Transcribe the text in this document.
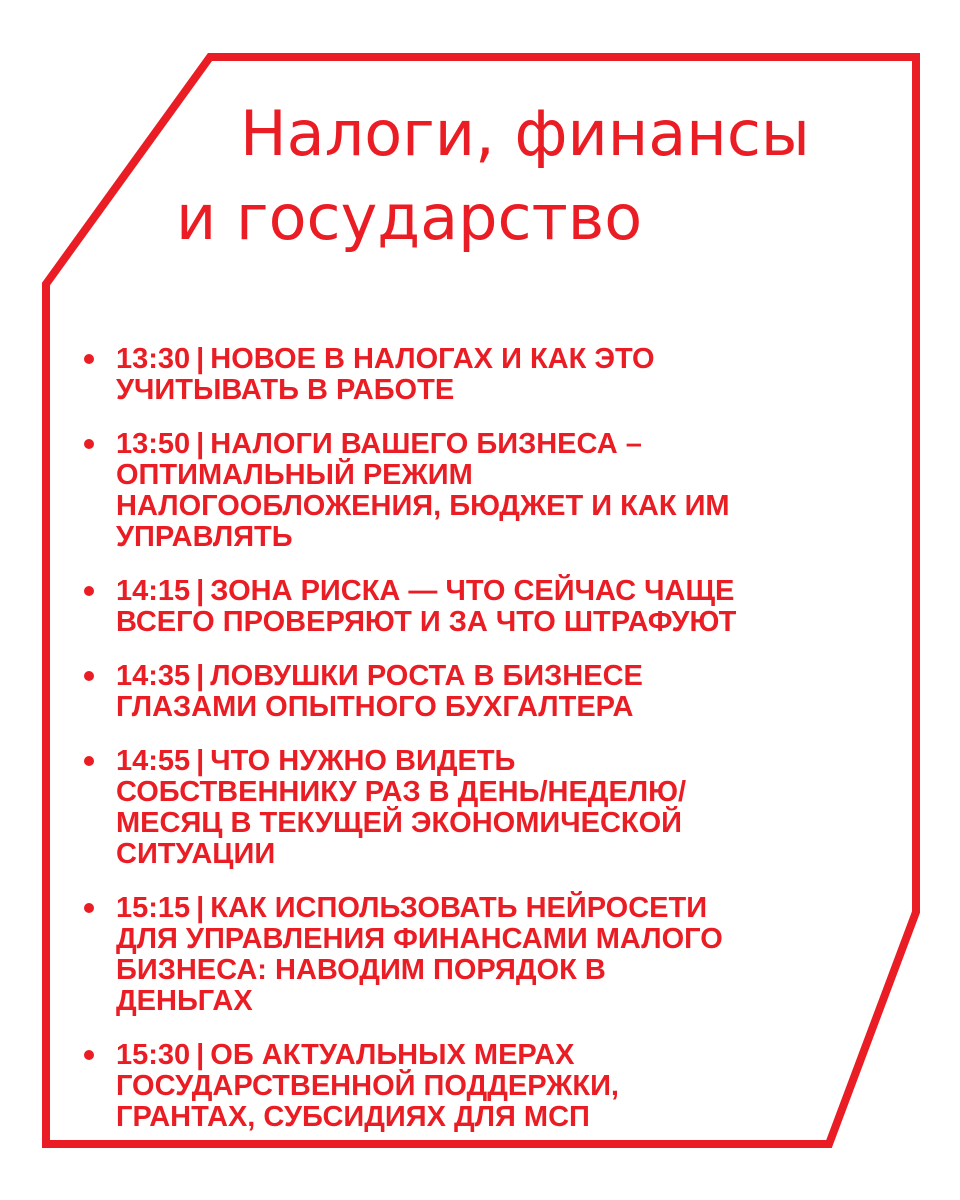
Налоги, финансы
и государство
13:30 | НОВОЕ В НАЛОГАХ И КАК ЭТО УЧИТЫВАТЬ В РАБОТЕ
13:50 | НАЛОГИ ВАШЕГО БИЗНЕСА – ОПТИМАЛЬНЫЙ РЕЖИМ НАЛОГООБЛОЖЕНИЯ, БЮДЖЕТ И КАК ИМ УПРАВЛЯТЬ
14:15 | ЗОНА РИСКА — ЧТО СЕЙЧАС ЧАЩЕ ВСЕГО ПРОВЕРЯЮТ И ЗА ЧТО ШТРАФУЮТ
14:35 | ЛОВУШКИ РОСТА В БИЗНЕСЕ ГЛАЗАМИ ОПЫТНОГО БУХГАЛТЕРА
14:55 | ЧТО НУЖНО ВИДЕТЬ СОБСТВЕННИКУ РАЗ В ДЕНЬ/НЕДЕЛЮ/ МЕСЯЦ В ТЕКУЩЕЙ ЭКОНОМИЧЕСКОЙ СИТУАЦИИ
15:15 | КАК ИСПОЛЬЗОВАТЬ НЕЙРОСЕТИ ДЛЯ УПРАВЛЕНИЯ ФИНАНСАМИ МАЛОГО БИЗНЕСА: НАВОДИМ ПОРЯДОК В ДЕНЬГАХ
15:30 | ОБ АКТУАЛЬНЫХ МЕРАХ ГОСУДАРСТВЕННОЙ ПОДДЕРЖКИ, ГРАНТАХ, СУБСИДИЯХ ДЛЯ МСП
